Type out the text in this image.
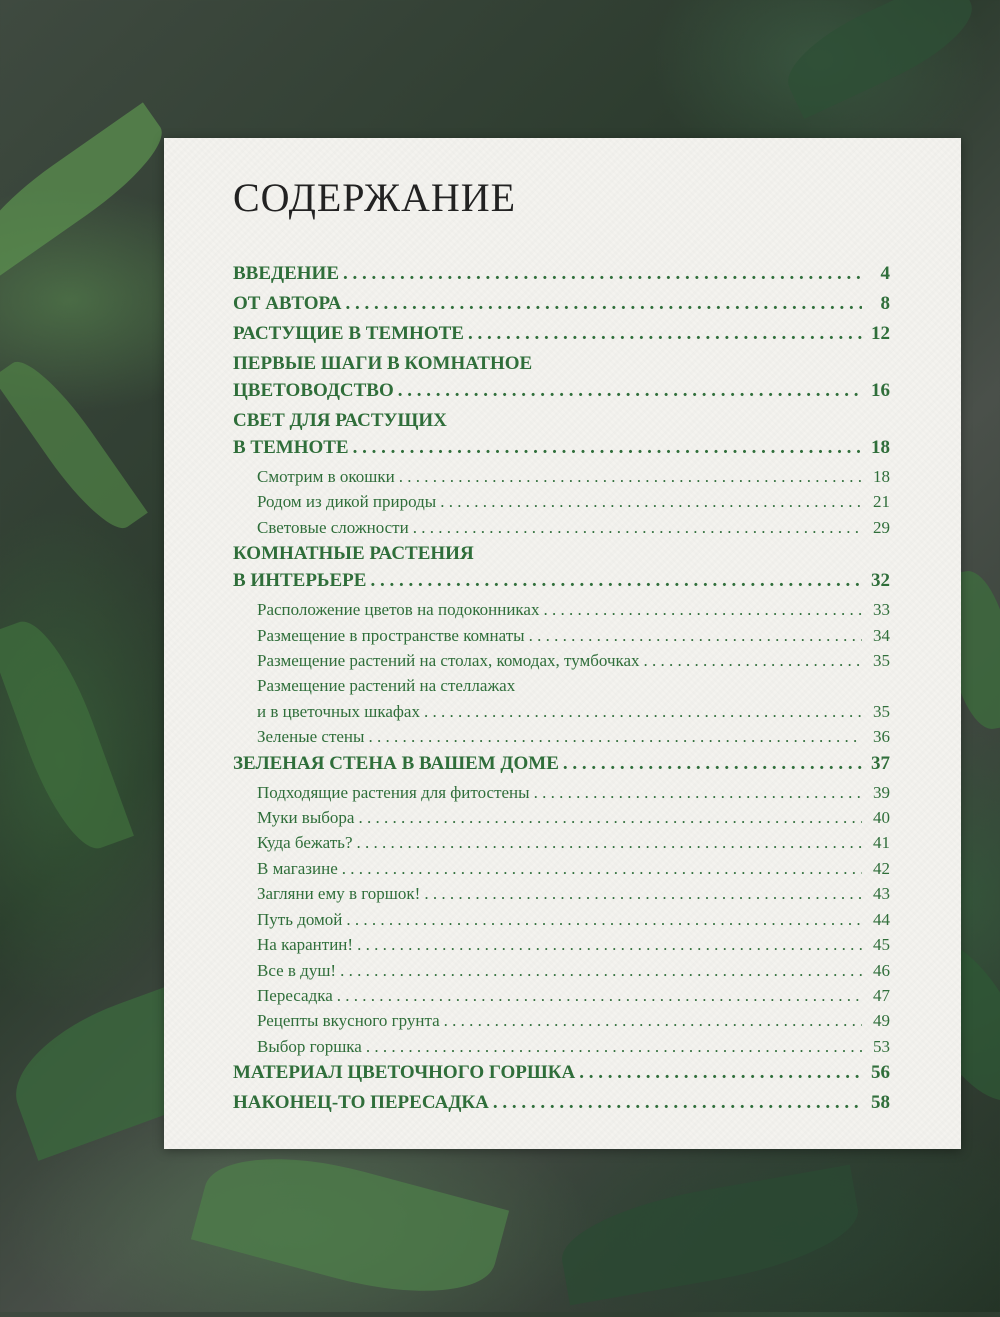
СОДЕРЖАНИЕ
ВВЕДЕНИЕ . . .	4
ОТ АВТОРА . . .	8
РАСТУЩИЕ В ТЕМНОТЕ . . .	12
ПЕРВЫЕ ШАГИ В КОМНАТНОЕ
ЦВЕТОВОДСТВО . . .	16
СВЕТ ДЛЯ РАСТУЩИХ
В ТЕМНОТЕ . . .	18
Смотрим в окошки . . .	18
Родом из дикой природы . . .	21
Световые сложности . . .	29
КОМНАТНЫЕ РАСТЕНИЯ
В ИНТЕРЬЕРЕ . . .	32
Расположение цветов на подоконниках . . .	33
Размещение в пространстве комнаты . . .	34
Размещение растений на столах, комодах, тумбочках . . .	35
Размещение растений на стеллажах
и в цветочных шкафах . . .	35
Зеленые стены . . .	36
ЗЕЛЕНАЯ СТЕНА В ВАШЕМ ДОМЕ . . .	37
Подходящие растения для фитостены . . .	39
Муки выбора . . .	40
Куда бежать? . . .	41
В магазине . . .	42
Загляни ему в горшок! . . .	43
Путь домой . . .	44
На карантин! . . .	45
Все в душ! . . .	46
Пересадка . . .	47
Рецепты вкусного грунта . . .	49
Выбор горшка . . .	53
МАТЕРИАЛ ЦВЕТОЧНОГО ГОРШКА . . .	56
НАКОНЕЦ-ТО ПЕРЕСАДКА . . .	58
